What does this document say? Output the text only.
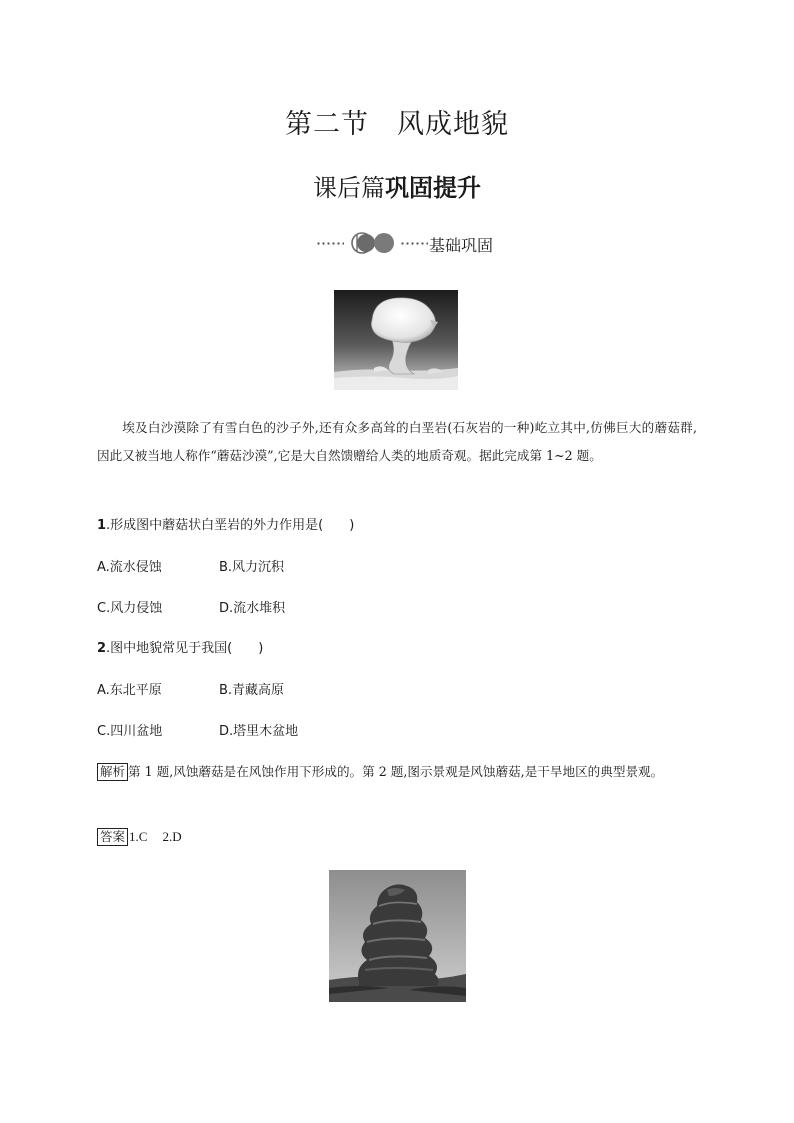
第二节 风成地貌
课后篇巩固提升
基础巩固
埃及白沙漠除了有雪白色的沙子外,还有众多高耸的白垩岩(石灰岩的一种)屹立其中,仿佛巨大的蘑菇群,因此又被当地人称作“蘑菇沙漠”,它是大自然馈赠给人类的地质奇观。据此完成第 1~2 题。
1.形成图中蘑菇状白垩岩的外力作用是(　　)
A.流水侵蚀	B.风力沉积
C.风力侵蚀	D.流水堆积
2.图中地貌常见于我国(　　)
A.东北平原	B.青藏高原
C.四川盆地	D.塔里木盆地
解析 第 1 题,风蚀蘑菇是在风蚀作用下形成的。第 2 题,图示景观是风蚀蘑菇,是干旱地区的典型景观。
答案 1.C 2.D
